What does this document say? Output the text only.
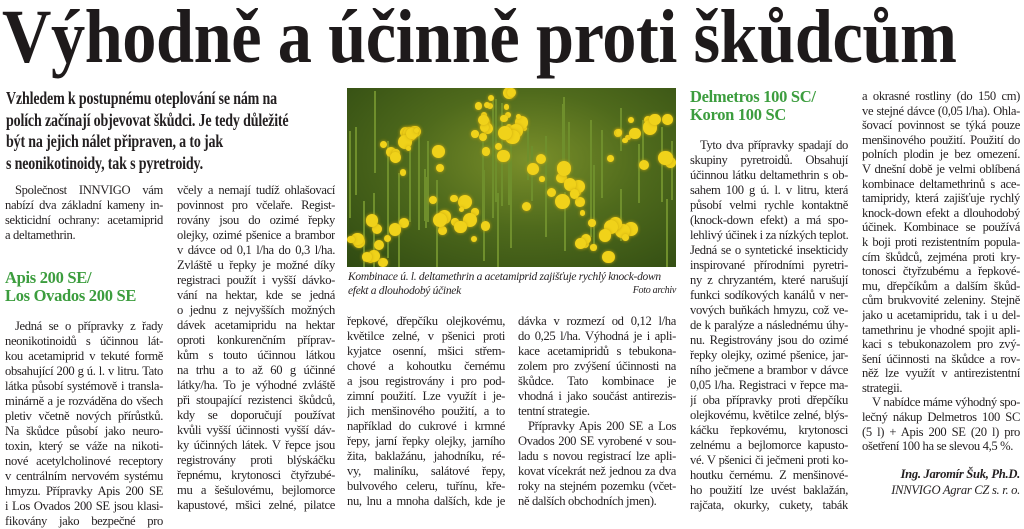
Výhodně a účinně proti škůdcům
Vzhledem k postupnému oteplování se nám na
polích začínají objevovat škůdci. Je tedy důležité
být na jejich nálet připraven, a to jak
s neonikotinoidy, tak s pyretroidy.
Kombinace ú. l. deltamethrin a acetamiprid zajišťuje rychlý knock-down efekt a dlouhodobý účinek	Foto archiv
Společnost INNVIGO vám
nabízí dva základní kameny in-
sekticidní ochrany: acetamiprid
a deltamethrin.
Apis 200 SE/
Los Ovados 200 SE
Jedná se o přípravky z řady
neonikotinoidů s účinnou lát-
kou acetamiprid v tekuté formě
obsahující 200 g ú. l. v litru. Tato
látka působí systémově i transla-
minárně a je rozváděna do všech
pletiv včetně nových přírůstků.
Na škůdce působí jako neuro-
toxin, který se váže na nikoti-
nové acetylcholinové receptory
v centrálním nervovém systému
hmyzu. Přípravky Apis 200 SE
i Los Ovados 200 SE jsou klasi-
fikovány jako bezpečné pro
včely a nemají tudíž ohlašovací
povinnost pro včelaře. Regist-
rovány jsou do ozimé řepky
olejky, ozimé pšenice a brambor
v dávce od 0,1 l/ha do 0,3 l/ha.
Zvláště u řepky je možné díky
registraci použít i vyšší dávko-
vání na hektar, kde se jedná
o jednu z nejvyšších možných
dávek acetamipridu na hektar
oproti konkurenčním příprav-
kům s touto účinnou látkou
na trhu a to až 60 g účinné
látky/ha. To je výhodné zvláště
při stoupající rezistenci škůdců,
kdy se doporučují používat
kvůli vyšší účinnosti vyšší dáv-
ky účinných látek. V řepce jsou
registrovány proti blýskáčku
řepnému, krytonosci čtyřzubé-
mu a šešulovému, bejlomorce
kapustové, mšici zelné, pilatce
řepkové, dřepčíku olejkovému,
květilce zelné, v pšenici proti
kyjatce osenní, mšici střem-
chové a kohoutku černému
a jsou registrovány i pro pod-
zimní použití. Lze využít i je-
jich menšinového použití, a to
například do cukrové i krmné
řepy, jarní řepky olejky, jarního
žita, baklažánu, jahodníku, ré-
vy, maliníku, salátové řepy,
bulvového celeru, tuřínu, kře-
nu, lnu a mnoha dalších, kde je
dávka v rozmezí od 0,12 l/ha
do 0,25 l/ha. Výhodná je i apli-
kace acetamipridů s tebukona-
zolem pro zvýšení účinnosti na
škůdce. Tato kombinace je
vhodná i jako součást antirezis-
tentní strategie.
Přípravky Apis 200 SE a Los
Ovados 200 SE vyrobené v sou-
ladu s novou registrací lze apli-
kovat vícekrát než jednou za dva
roky na stejném pozemku (včet-
ně dalších obchodních jmen).
Delmetros 100 SC/
Koron 100 SC
Tyto dva přípravky spadají do
skupiny pyretroidů. Obsahují
účinnou látku deltamethrin s ob-
sahem 100 g ú. l. v litru, která
působí velmi rychle kontaktně
(knock-down efekt) a má spo-
lehlivý účinek i za nízkých teplot.
Jedná se o syntetické insekticidy
inspirované přírodními pyretri-
ny z chryzantém, které narušují
funkci sodíkových kanálů v ner-
vových buňkách hmyzu, což ve-
de k paralýze a následnému úhy-
nu. Registrovány jsou do ozimé
řepky olejky, ozimé pšenice, jar-
ního ječmene a brambor v dávce
0,05 l/ha. Registraci v řepce ma-
jí oba přípravky proti dřepčíku
olejkovému, květilce zelné, blýs-
káčku řepkovému, krytonosci
zelnému a bejlomorce kapusto-
vé. V pšenici či ječmeni proti ko-
houtku černému. Z menšinové-
ho použití lze uvést baklažán,
rajčata, okurky, cukety, tabák
a okrasné rostliny (do 150 cm)
ve stejné dávce (0,05 l/ha). Ohla-
šovací povinnost se týká pouze
menšinového použití. Použití do
polních plodin je bez omezení.
V dnešní době je velmi oblíbená
kombinace deltamethrinů s ace-
tamipridy, která zajišťuje rychlý
knock-down efekt a dlouhodobý
účinek. Kombinace se používá
k boji proti rezistentním popula-
cím škůdců, zejména proti kry-
tonosci čtyřzubému a řepkové-
mu, dřepčíkům a dalším škůd-
cům brukvovité zeleniny. Stejně
jako u acetamipridu, tak i u del-
tamethrinu je vhodné spojit apli-
kaci s tebukonazolem pro zvý-
šení účinnosti na škůdce a rov-
něž lze využít v antirezistentní
strategii.
V nabídce máme výhodný spo-
lečný nákup Delmetros 100 SC
(5 l) + Apis 200 SE (20 l) pro
ošetření 100 ha se slevou 4,5 %.
Ing. Jaromír Šuk, Ph.D.
INNVIGO Agrar CZ s. r. o.
